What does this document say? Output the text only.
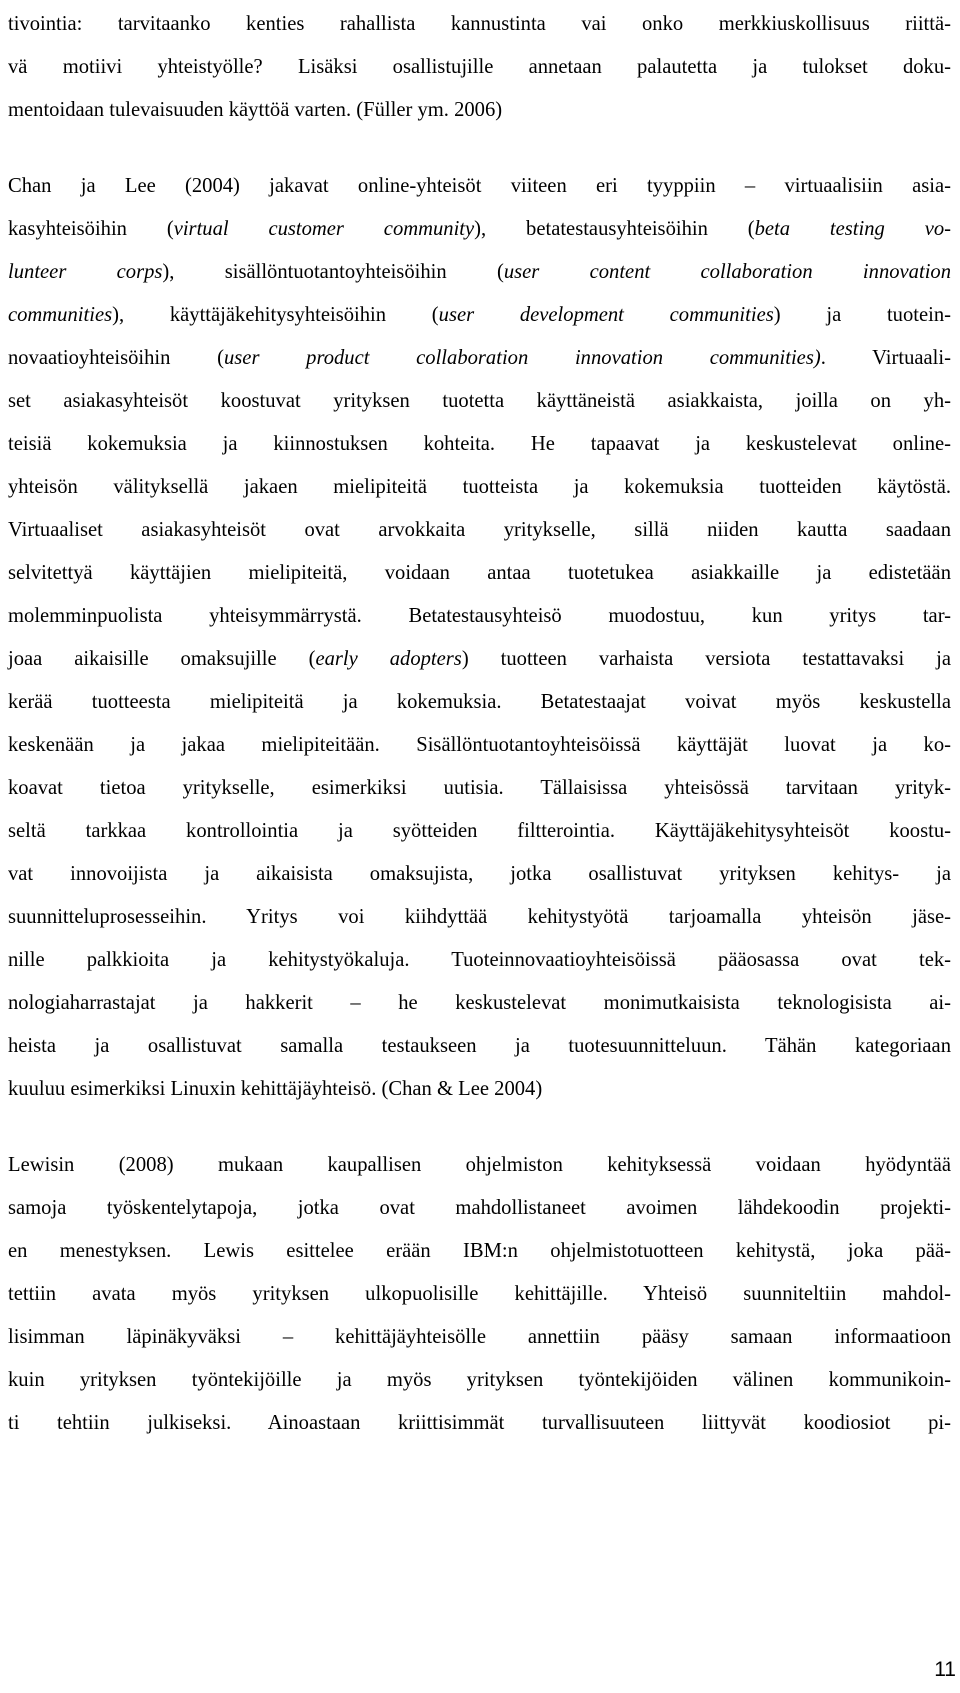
tivointia: tarvitaanko kenties rahallista kannustinta vai onko merkkiuskollisuus riittä-
vä motiivi yhteistyölle? Lisäksi osallistujille annetaan palautetta ja tulokset doku-
mentoidaan tulevaisuuden käyttöä varten. (Füller ym. 2006)
Chan ja Lee (2004) jakavat online-yhteisöt viiteen eri tyyppiin – virtuaalisiin asia-
kasyhteisöihin (virtual customer community), betatestausyhteisöihin (beta testing vo-
lunteer corps), sisällöntuotantoyhteisöihin (user content collaboration innovation
communities), käyttäjäkehitysyhteisöihin (user development communities) ja tuotein-
novaatioyhteisöihin (user product collaboration innovation communities). Virtuaali-
set asiakasyhteisöt koostuvat yrityksen tuotetta käyttäneistä asiakkaista, joilla on yh-
teisiä kokemuksia ja kiinnostuksen kohteita. He tapaavat ja keskustelevat online-
yhteisön välityksellä jakaen mielipiteitä tuotteista ja kokemuksia tuotteiden käytöstä.
Virtuaaliset asiakasyhteisöt ovat arvokkaita yritykselle, sillä niiden kautta saadaan
selvitettyä käyttäjien mielipiteitä, voidaan antaa tuotetukea asiakkaille ja edistetään
molemminpuolista yhteisymmärrystä. Betatestausyhteisö muodostuu, kun yritys tar-
joaa aikaisille omaksujille (early adopters) tuotteen varhaista versiota testattavaksi ja
kerää tuotteesta mielipiteitä ja kokemuksia. Betatestaajat voivat myös keskustella
keskenään ja jakaa mielipiteitään. Sisällöntuotantoyhteisöissä käyttäjät luovat ja ko-
koavat tietoa yritykselle, esimerkiksi uutisia. Tällaisissa yhteisössä tarvitaan yrityk-
seltä tarkkaa kontrollointia ja syötteiden filtterointia. Käyttäjäkehitysyhteisöt koostu-
vat innovoijista ja aikaisista omaksujista, jotka osallistuvat yrityksen kehitys- ja
suunnitteluprosesseihin. Yritys voi kiihdyttää kehitystyötä tarjoamalla yhteisön jäse-
nille palkkioita ja kehitystyökaluja. Tuoteinnovaatioyhteisöissä pääosassa ovat tek-
nologiaharrastajat ja hakkerit – he keskustelevat monimutkaisista teknologisista ai-
heista ja osallistuvat samalla testaukseen ja tuotesuunnitteluun. Tähän kategoriaan
kuuluu esimerkiksi Linuxin kehittäjäyhteisö. (Chan & Lee 2004)
Lewisin (2008) mukaan kaupallisen ohjelmiston kehityksessä voidaan hyödyntää
samoja työskentelytapoja, jotka ovat mahdollistaneet avoimen lähdekoodin projekti-
en menestyksen. Lewis esittelee erään IBM:n ohjelmistotuotteen kehitystä, joka pää-
tettiin avata myös yrityksen ulkopuolisille kehittäjille. Yhteisö suunniteltiin mahdol-
lisimman läpinäkyväksi – kehittäjäyhteisölle annettiin pääsy samaan informaatioon
kuin yrityksen työntekijöille ja myös yrityksen työntekijöiden välinen kommunikoin-
ti tehtiin julkiseksi. Ainoastaan kriittisimmät turvallisuuteen liittyvät koodiosiot pi-
11
